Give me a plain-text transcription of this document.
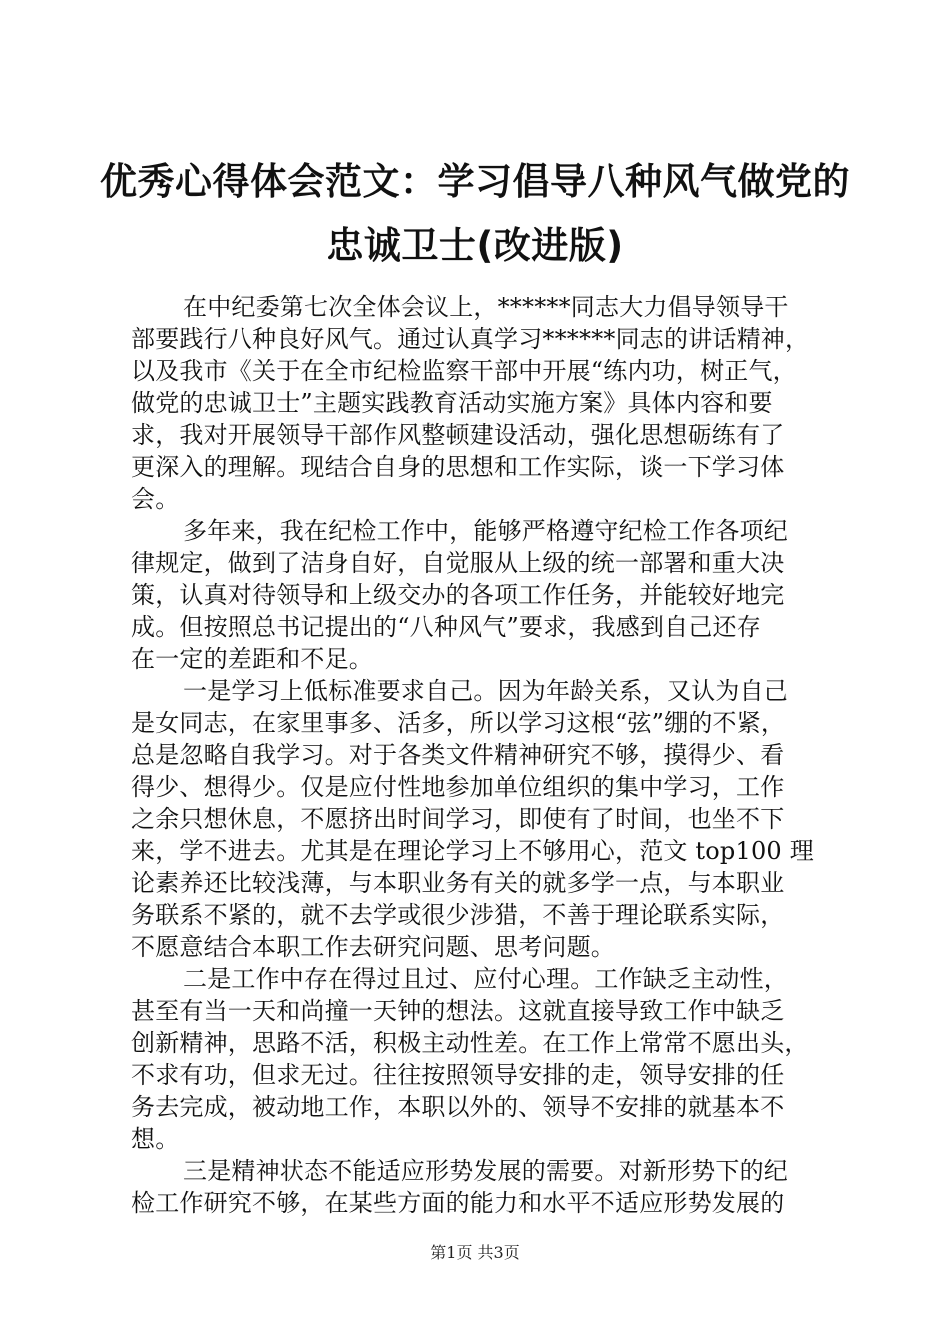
优秀心得体会范文：学习倡导八种风气做党的
忠诚卫士(改进版)
在中纪委第七次全体会议上，******同志大力倡导领导干
部要践行八种良好风气。通过认真学习******同志的讲话精神，
以及我市《关于在全市纪检监察干部中开展“练内功，树正气，
做党的忠诚卫士”主题实践教育活动实施方案》具体内容和要
求，我对开展领导干部作风整顿建设活动，强化思想砺练有了
更深入的理解。现结合自身的思想和工作实际，谈一下学习体
会。
多年来，我在纪检工作中，能够严格遵守纪检工作各项纪
律规定，做到了洁身自好，自觉服从上级的统一部署和重大决
策，认真对待领导和上级交办的各项工作任务，并能较好地完
成。但按照总书记提出的“八种风气”要求，我感到自己还存
在一定的差距和不足。
一是学习上低标准要求自己。因为年龄关系，又认为自己
是女同志，在家里事多、活多，所以学习这根“弦”绷的不紧，
总是忽略自我学习。对于各类文件精神研究不够，摸得少、看
得少、想得少。仅是应付性地参加单位组织的集中学习，工作
之余只想休息，不愿挤出时间学习，即使有了时间，也坐不下
来，学不进去。尤其是在理论学习上不够用心，范文 top100 理
论素养还比较浅薄，与本职业务有关的就多学一点，与本职业
务联系不紧的，就不去学或很少涉猎，不善于理论联系实际，
不愿意结合本职工作去研究问题、思考问题。
二是工作中存在得过且过、应付心理。工作缺乏主动性，
甚至有当一天和尚撞一天钟的想法。这就直接导致工作中缺乏
创新精神，思路不活，积极主动性差。在工作上常常不愿出头，
不求有功，但求无过。往往按照领导安排的走，领导安排的任
务去完成，被动地工作，本职以外的、领导不安排的就基本不
想。
三是精神状态不能适应形势发展的需要。对新形势下的纪
检工作研究不够，在某些方面的能力和水平不适应形势发展的
第1页 共3页
